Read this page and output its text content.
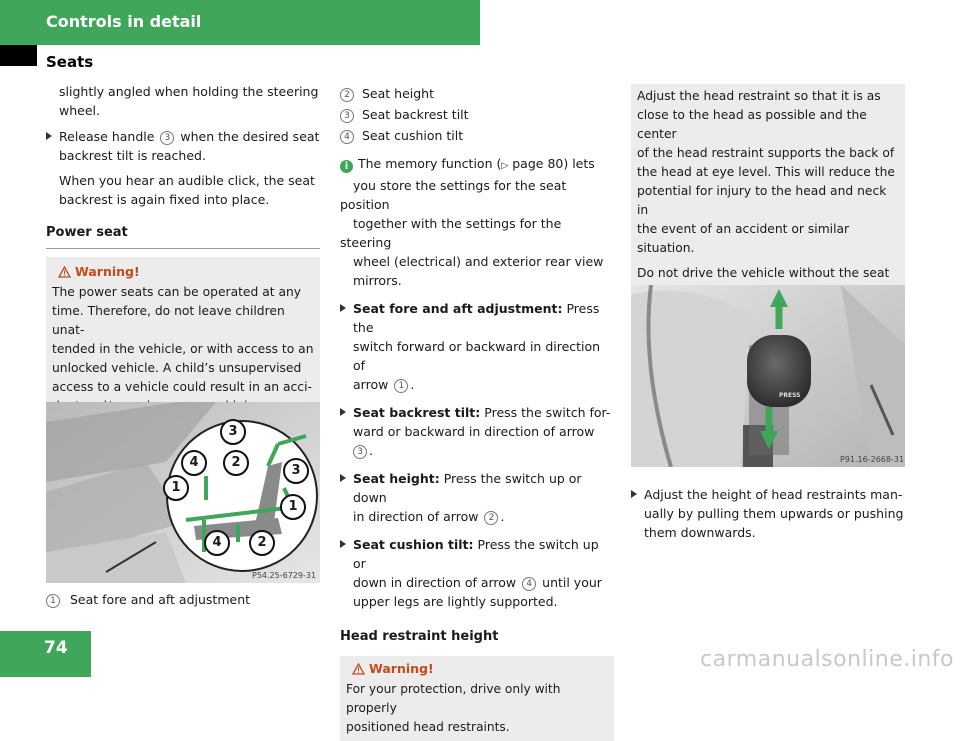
Controls in detail
Seats

slightly angled when holding the steering
wheel.

Release handle 3 when the desired seat
backrest tilt is reached.

When you hear an audible click, the seat
backrest is again fixed into place.

Power seat

Warning!
The power seats can be operated at any
time. Therefore, do not leave children unat-
tended in the vehicle, or with access to an
unlocked vehicle. A child’s unsupervised
access to a vehicle could result in an acci-

3
2
4
1
3
1
4	2
P54.25-6729-31
1 Seat fore and aft adjustment

2 Seat height

3 Seat backrest tilt

4 Seat cushion tilt

i The memory function (▷ page 80) lets
you store the settings for the seat position
together with the settings for the steering
wheel (electrical) and exterior rear view
mirrors.

Seat fore and aft adjustment: Press the
switch forward or backward in direction of
arrow 1 .

Seat backrest tilt: Press the switch for-
ward or backward in direction of arrow
3 .

Seat height: Press the switch up or down
in direction of arrow 2 .

Seat cushion tilt: Press the switch up or
down in direction of arrow 4 until your
upper legs are lightly supported.

Head restraint height

Warning!
For your protection, drive only with properly
positioned head restraints.

Adjust the head restraint so that it is as
close to the head as possible and the center
of the head restraint supports the back of
the head at eye level. This will reduce the
potential for injury to the head and neck in
the event of an accident or similar situation.

Do not drive the vehicle without the seat

PRESS
P91.16-2668-31

Adjust the height of head restraints man-
ually by pulling them upwards or pushing
them downwards.

74	carmanualsonline.info
